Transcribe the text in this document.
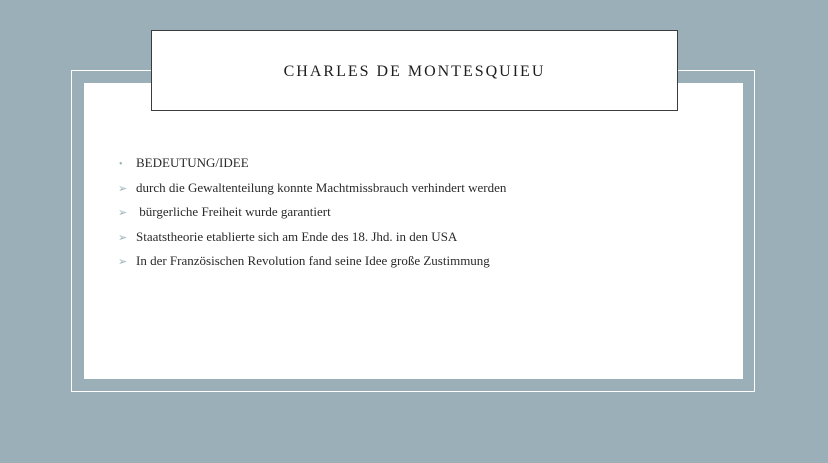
CHARLES DE MONTESQUIEU
•	BEDEUTUNG/IDEE
➢ durch die Gewaltenteilung konnte Machtmissbrauch verhindert werden
➢ bürgerliche Freiheit wurde garantiert
➢ Staatstheorie etablierte sich am Ende des 18. Jhd. in den USA
➢ In der Französischen Revolution fand seine Idee große Zustimmung
